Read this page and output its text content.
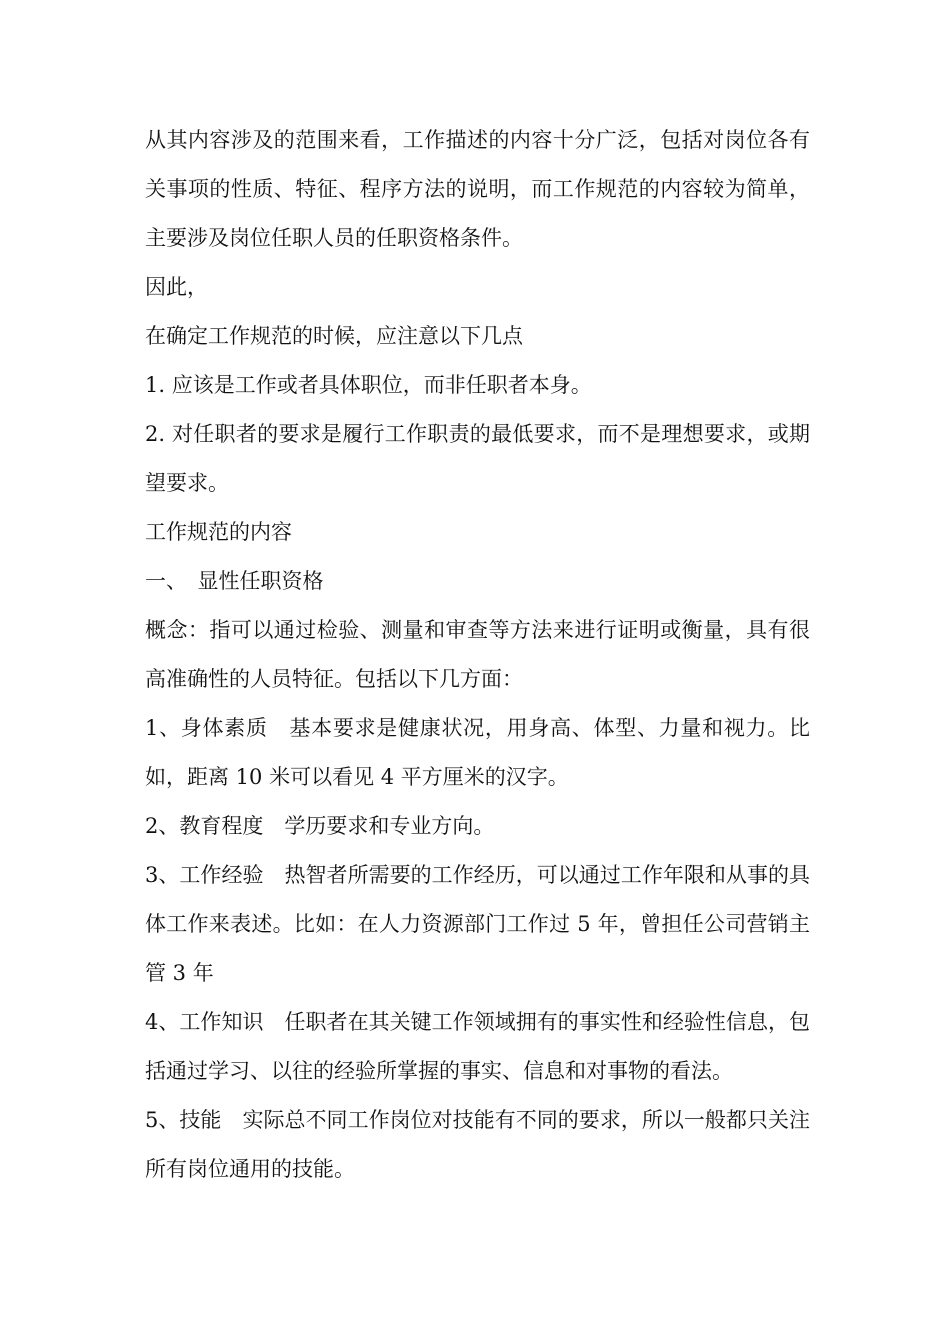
从其内容涉及的范围来看，工作描述的内容十分广泛，包括对岗位各有关事项的性质、特征、程序方法的说明，而工作规范的内容较为简单，主要涉及岗位任职人员的任职资格条件。

因此，

在确定工作规范的时候，应注意以下几点

1. 应该是工作或者具体职位，而非任职者本身。

2. 对任职者的要求是履行工作职责的最低要求，而不是理想要求，或期望要求。

工作规范的内容

一、　显性任职资格

概念：指可以通过检验、测量和审查等方法来进行证明或衡量，具有很高准确性的人员特征。包括以下几方面：

1、身体素质　基本要求是健康状况，用身高、体型、力量和视力。比如，距离 10 米可以看见 4 平方厘米的汉字。

2、教育程度　学历要求和专业方向。

3、工作经验　热智者所需要的工作经历，可以通过工作年限和从事的具体工作来表述。比如：在人力资源部门工作过 5 年，曾担任公司营销主管 3 年

4、工作知识　任职者在其关键工作领域拥有的事实性和经验性信息，包括通过学习、以往的经验所掌握的事实、信息和对事物的看法。

5、技能　实际总不同工作岗位对技能有不同的要求，所以一般都只关注所有岗位通用的技能。
